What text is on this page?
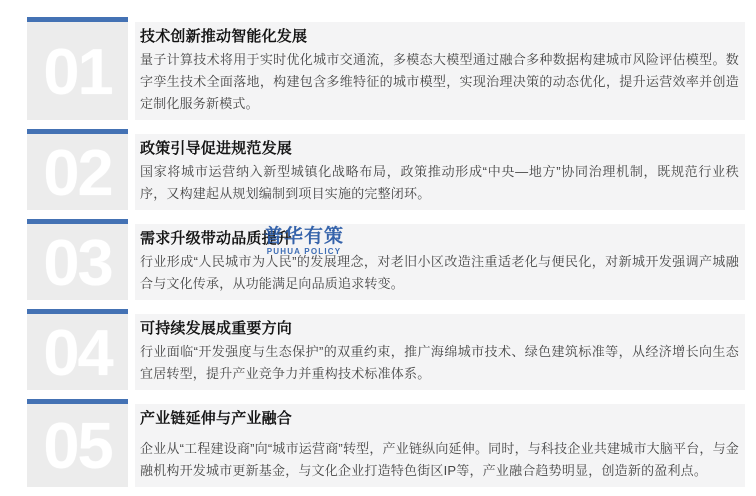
01 技术创新推动智能化发展
量子计算技术将用于实时优化城市交通流，多模态大模型通过融合多种数据构建城市风险评估模型。数字孪生技术全面落地，构建包含多维特征的城市模型，实现治理决策的动态优化，提升运营效率并创造定制化服务新模式。
02 政策引导促进规范发展
国家将城市运营纳入新型城镇化战略布局，政策推动形成“中央—地方”协同治理机制，既规范行业秩序，又构建起从规划编制到项目实施的完整闭环。
03 需求升级带动品质提升
行业形成“人民城市为人民”的发展理念，对老旧小区改造注重适老化与便民化，对新城开发强调产城融合与文化传承，从功能满足向品质追求转变。
04 可持续发展成重要方向
行业面临“开发强度与生态保护”的双重约束，推广海绵城市技术、绿色建筑标准等，从经济增长向生态宜居转型，提升产业竞争力并重构技术标准体系。
05 产业链延伸与产业融合
企业从“工程建设商”向“城市运营商”转型，产业链纵向延伸。同时，与科技企业共建城市大脑平台，与金融机构开发城市更新基金，与文化企业打造特色街区IP等，产业融合趋势明显，创造新的盈利点。
普华有策
PUHUA POLICY
